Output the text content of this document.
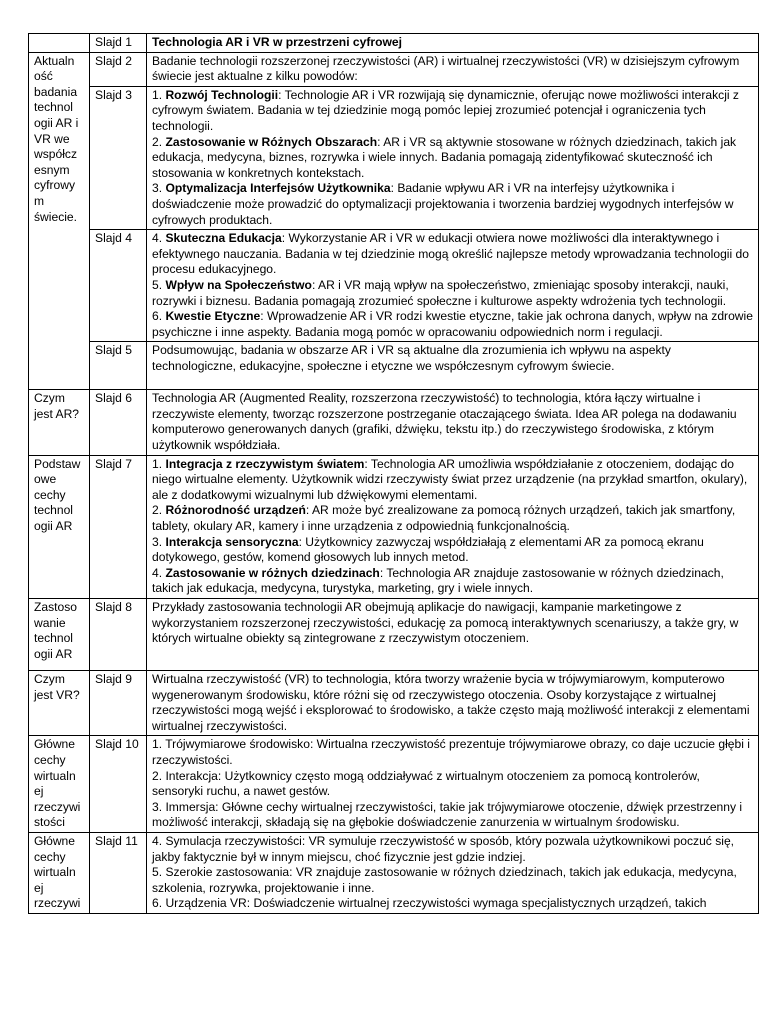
	Slajd 1	Technologia AR i VR w przestrzeni cyfrowej
Aktualn ość badania technol ogii AR i VR we współcz esnym cyfrowy m świecie.	Slajd 2	Badanie technologii rozszerzonej rzeczywistości (AR) i wirtualnej rzeczywistości (VR) w dzisiejszym cyfrowym świecie jest aktualne z kilku powodów:
	Slajd 3	1. Rozwój Technologii: Technologie AR i VR rozwijają się dynamicznie, oferując nowe możliwości interakcji z cyfrowym światem. Badania w tej dziedzinie mogą pomóc lepiej zrozumieć potencjał i ograniczenia tych technologii.

2. Zastosowanie w Różnych Obszarach: AR i VR są aktywnie stosowane w różnych dziedzinach, takich jak edukacja, medycyna, biznes, rozrywka i wiele innych. Badania pomagają zidentyfikować skuteczność ich stosowania w konkretnych kontekstach.

3. Optymalizacja Interfejsów Użytkownika: Badanie wpływu AR i VR na interfejsy użytkownika i doświadczenie może prowadzić do optymalizacji projektowania i tworzenia bardziej wygodnych interfejsów w cyfrowych produktach.

	Slajd 4	4. Skuteczna Edukacja: Wykorzystanie AR i VR w edukacji otwiera nowe możliwości dla interaktywnego i efektywnego nauczania. Badania w tej dziedzinie mogą określić najlepsze metody wprowadzania technologii do procesu edukacyjnego.

5. Wpływ na Społeczeństwo: AR i VR mają wpływ na społeczeństwo, zmieniając sposoby interakcji, nauki, rozrywki i biznesu. Badania pomagają zrozumieć społeczne i kulturowe aspekty wdrożenia tych technologii.

6. Kwestie Etyczne: Wprowadzenie AR i VR rodzi kwestie etyczne, takie jak ochrona danych, wpływ na zdrowie psychiczne i inne aspekty. Badania mogą pomóc w opracowaniu odpowiednich norm i regulacji.

	Slajd 5	Podsumowując, badania w obszarze AR i VR są aktualne dla zrozumienia ich wpływu na aspekty technologiczne, edukacyjne, społeczne i etyczne we współczesnym cyfrowym świecie.
Czym jest AR?	Slajd 6	Technologia AR (Augmented Reality, rozszerzona rzeczywistość) to technologia, która łączy wirtualne i rzeczywiste elementy, tworząc rozszerzone postrzeganie otaczającego świata. Idea AR polega na dodawaniu komputerowo generowanych danych (grafiki, dźwięku, tekstu itp.) do rzeczywistego środowiska, z którym użytkownik współdziała.
Podstaw owe cechy technol ogii AR	Slajd 7	1. Integracja z rzeczywistym światem: Technologia AR umożliwia współdziałanie z otoczeniem, dodając do niego wirtualne elementy. Użytkownik widzi rzeczywisty świat przez urządzenie (na przykład smartfon, okulary), ale z dodatkowymi wizualnymi lub dźwiękowymi elementami.

2. Różnorodność urządzeń: AR może być zrealizowane za pomocą różnych urządzeń, takich jak smartfony, tablety, okulary AR, kamery i inne urządzenia z odpowiednią funkcjonalnością.

3. Interakcja sensoryczna: Użytkownicy zazwyczaj współdziałają z elementami AR za pomocą ekranu dotykowego, gestów, komend głosowych lub innych metod.

4. Zastosowanie w różnych dziedzinach: Technologia AR znajduje zastosowanie w różnych dziedzinach, takich jak edukacja, medycyna, turystyka, marketing, gry i wiele innych.

Zastoso wanie technol ogii AR	Slajd 8	Przykłady zastosowania technologii AR obejmują aplikacje do nawigacji, kampanie marketingowe z wykorzystaniem rozszerzonej rzeczywistości, edukację za pomocą interaktywnych scenariuszy, a także gry, w których wirtualne obiekty są zintegrowane z rzeczywistym otoczeniem.
Czym jest VR?	Slajd 9	Wirtualna rzeczywistość (VR) to technologia, która tworzy wrażenie bycia w trójwymiarowym, komputerowo wygenerowanym środowisku, które różni się od rzeczywistego otoczenia. Osoby korzystające z wirtualnej rzeczywistości mogą wejść i eksplorować to środowisko, a także często mają możliwość interakcji z elementami wirtualnej rzeczywistości.
Główne cechy wirtualn ej rzeczywi stości	Slajd 10	1. Trójwymiarowe środowisko: Wirtualna rzeczywistość prezentuje trójwymiarowe obrazy, co daje uczucie głębi i rzeczywistości.

2. Interakcja: Użytkownicy często mogą oddziaływać z wirtualnym otoczeniem za pomocą kontrolerów, sensoryki ruchu, a nawet gestów.

3. Immersja: Główne cechy wirtualnej rzeczywistości, takie jak trójwymiarowe otoczenie, dźwięk przestrzenny i możliwość interakcji, składają się na głębokie doświadczenie zanurzenia w wirtualnym środowisku.

Główne cechy wirtualn ej rzeczywi	Slajd 11	4. Symulacja rzeczywistości: VR symuluje rzeczywistość w sposób, który pozwala użytkownikowi poczuć się, jakby faktycznie był w innym miejscu, choć fizycznie jest gdzie indziej.

5. Szerokie zastosowania: VR znajduje zastosowanie w różnych dziedzinach, takich jak edukacja, medycyna, szkolenia, rozrywka, projektowanie i inne.

6. Urządzenia VR: Doświadczenie wirtualnej rzeczywistości wymaga specjalistycznych urządzeń, takich
